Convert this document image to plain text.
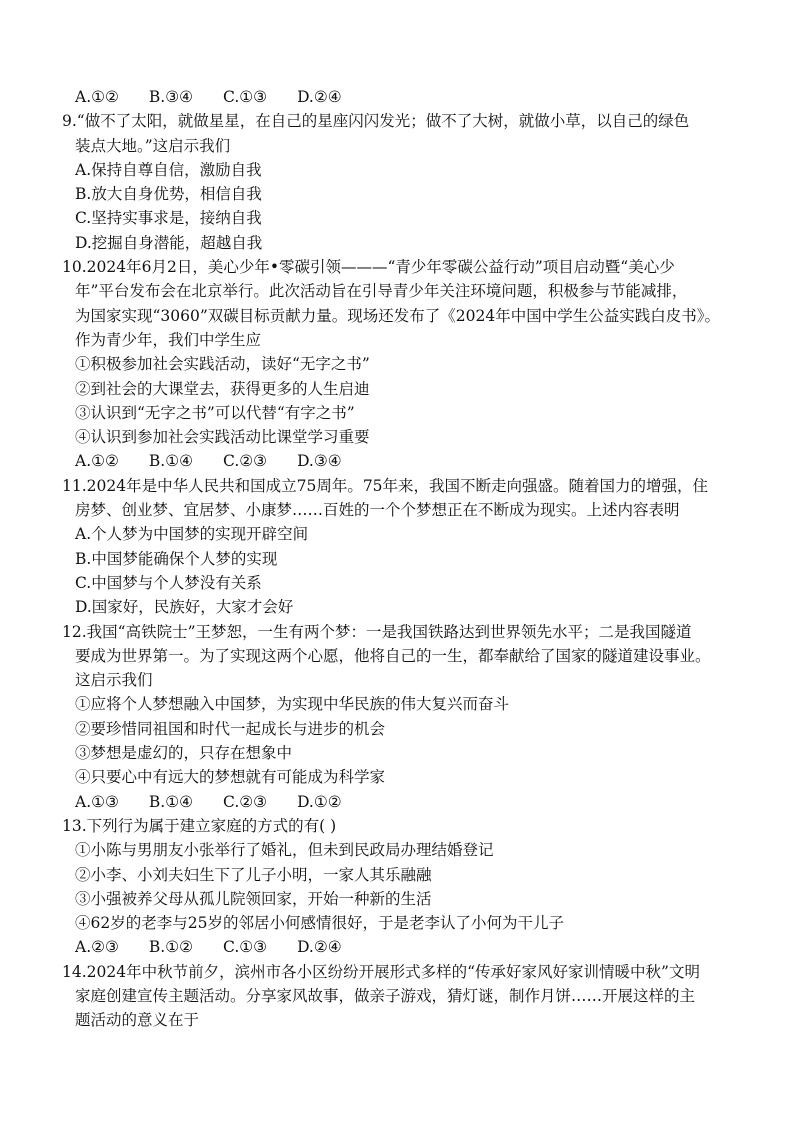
A.①② B.③④ C.①③ D.②④
9.“做不了太阳，就做星星，在自己的星座闪闪发光；做不了大树，就做小草，以自己的绿色
装点大地。”这启示我们
A.保持自尊自信，激励自我
B.放大自身优势，相信自我
C.坚持实事求是，接纳自我
D.挖掘自身潜能，超越自我
10.2024年6月2日，美心少年•零碳引领———“青少年零碳公益行动”项目启动暨“美心少
年”平台发布会在北京举行。此次活动旨在引导青少年关注环境问题，积极参与节能减排，
为国家实现“3060”双碳目标贡献力量。现场还发布了《2024年中国中学生公益实践白皮书》。
作为青少年，我们中学生应
①积极参加社会实践活动，读好“无字之书”
②到社会的大课堂去，获得更多的人生启迪
③认识到“无字之书”可以代替“有字之书”
④认识到参加社会实践活动比课堂学习重要
A.①② B.①④ C.②③ D.③④
11.2024年是中华人民共和国成立75周年。75年来，我国不断走向强盛。随着国力的增强，住
房梦、创业梦、宜居梦、小康梦……百姓的一个个梦想正在不断成为现实。上述内容表明
A.个人梦为中国梦的实现开辟空间
B.中国梦能确保个人梦的实现
C.中国梦与个人梦没有关系
D.国家好，民族好，大家才会好
12.我国“高铁院士”王梦恕，一生有两个梦：一是我国铁路达到世界领先水平；二是我国隧道
要成为世界第一。为了实现这两个心愿，他将自己的一生，都奉献给了国家的隧道建设事业。
这启示我们
①应将个人梦想融入中国梦，为实现中华民族的伟大复兴而奋斗
②要珍惜同祖国和时代一起成长与进步的机会
③梦想是虚幻的，只存在想象中
④只要心中有远大的梦想就有可能成为科学家
A.①③ B.①④ C.②③ D.①②
13.下列行为属于建立家庭的方式的有( )
①小陈与男朋友小张举行了婚礼，但未到民政局办理结婚登记
②小李、小刘夫妇生下了儿子小明，一家人其乐融融
③小强被养父母从孤儿院领回家，开始一种新的生活
④62岁的老李与25岁的邻居小何感情很好，于是老李认了小何为干儿子
A.②③ B.①② C.①③ D.②④
14.2024年中秋节前夕，滨州市各小区纷纷开展形式多样的“传承好家风好家训情暖中秋”文明
家庭创建宣传主题活动。分享家风故事，做亲子游戏，猜灯谜，制作月饼……开展这样的主
题活动的意义在于
